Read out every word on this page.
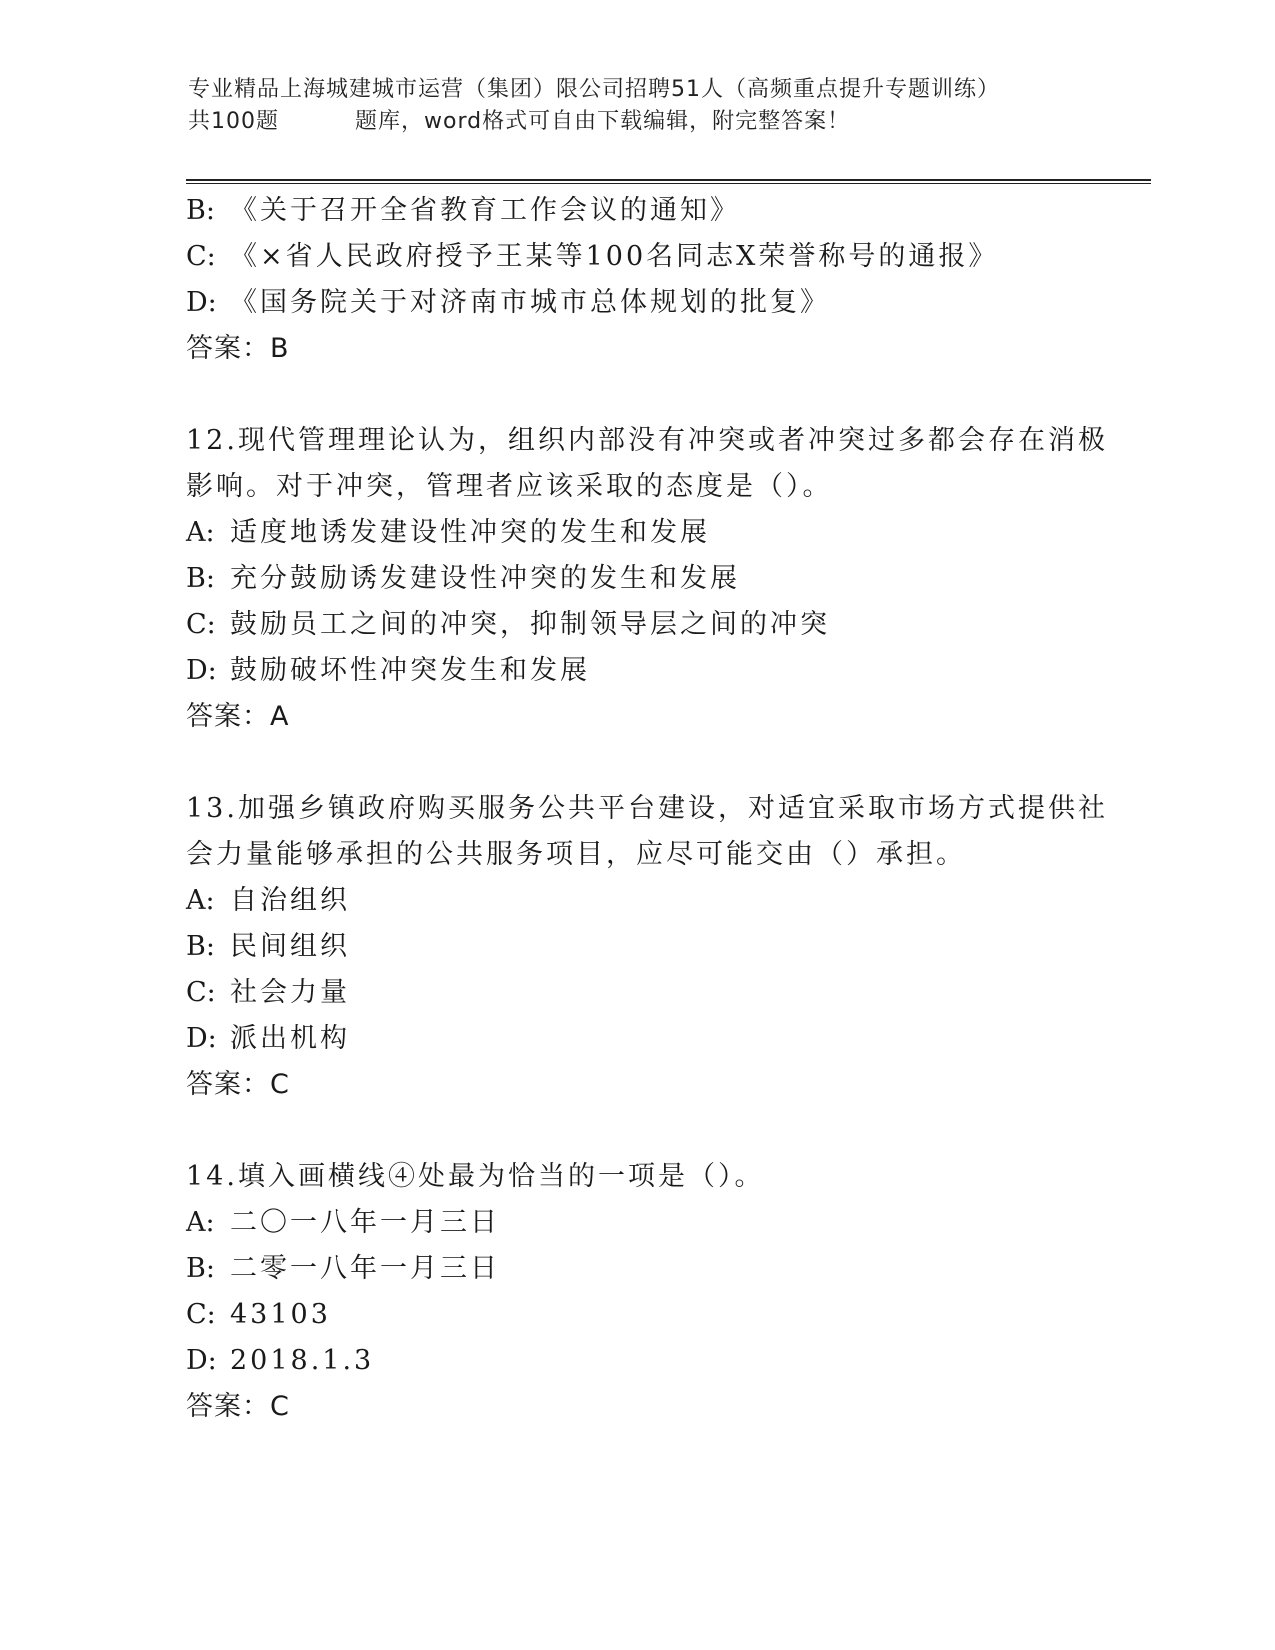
专业精品上海城建城市运营（集团）限公司招聘51人（高频重点提升专题训练）
共100题	题库，word格式可自由下载编辑，附完整答案！
B: 《关于召开全省教育工作会议的通知》
C: 《×省人民政府授予王某等100名同志X荣誉称号的通报》
D: 《国务院关于对济南市城市总体规划的批复》
答案：B
12.现代管理理论认为，组织内部没有冲突或者冲突过多都会存在消极
影响。对于冲突，管理者应该采取的态度是（）。
A: 适度地诱发建设性冲突的发生和发展
B: 充分鼓励诱发建设性冲突的发生和发展
C: 鼓励员工之间的冲突，抑制领导层之间的冲突
D: 鼓励破坏性冲突发生和发展
答案：A
13.加强乡镇政府购买服务公共平台建设，对适宜采取市场方式提供社
会力量能够承担的公共服务项目，应尽可能交由（）承担。
A: 自治组织
B: 民间组织
C: 社会力量
D: 派出机构
答案：C
14.填入画横线④处最为恰当的一项是（）。
A: 二〇一八年一月三日
B: 二零一八年一月三日
C: 43103
D: 2018.1.3
答案：C
